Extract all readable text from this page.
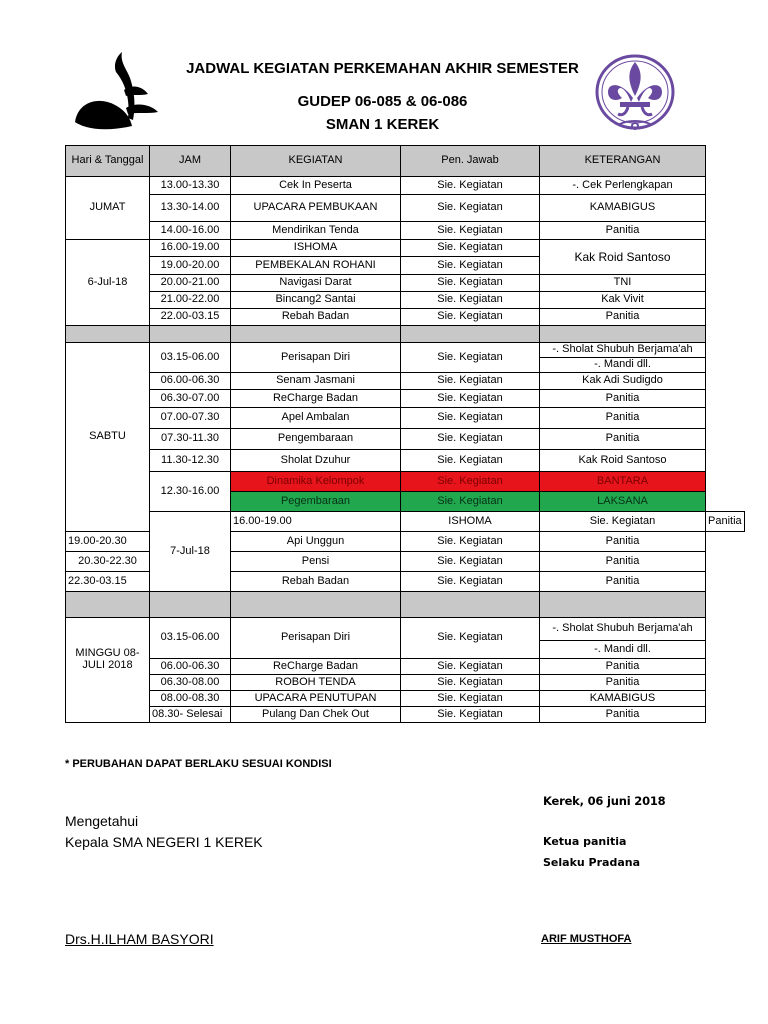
JADWAL KEGIATAN PERKEMAHAN AKHIR SEMESTER
GUDEP 06-085 & 06-086
SMAN 1 KEREK
Hari & Tanggal	JAM	KEGIATAN	Pen. Jawab	KETERANGAN	
JUMAT	13.00-13.30	Cek In Peserta	Sie. Kegiatan	-. Cek Perlengkapan	
	13.30-14.00	UPACARA PEMBUKAAN	Sie. Kegiatan	KAMABIGUS	
	14.00-16.00	Mendirikan Tenda	Sie. Kegiatan	Panitia	
6-Jul-18	16.00-19.00	ISHOMA	Sie. Kegiatan	Kak Roid Santoso	
	19.00-20.00	PEMBEKALAN ROHANI	Sie. Kegiatan		
	20.00-21.00	Navigasi Darat	Sie. Kegiatan	TNI	
	21.00-22.00	Bincang2 Santai	Sie. Kegiatan	Kak Vivit	
	22.00-03.15	Rebah Badan	Sie. Kegiatan	Panitia	

SABTU	03.15-06.00	Perisapan Diri	Sie. Kegiatan	-. Sholat Shubuh Berjama'ah	
				-. Mandi dll.	
	06.00-06.30	Senam Jasmani	Sie. Kegiatan	Kak Adi Sudigdo	
	06.30-07.00	ReCharge Badan	Sie. Kegiatan	Panitia	
	07.00-07.30	Apel Ambalan	Sie. Kegiatan	Panitia	
	07.30-11.30	Pengembaraan	Sie. Kegiatan	Panitia	
	11.30-12.30	Sholat Dzuhur	Sie. Kegiatan	Kak Roid Santoso	
	12.30-16.00	Dinamika Kelompok	Sie. Kegiatan	BANTARA	
		Pegembaraan	Sie. Kegiatan	LAKSANA	
	7-Jul-18	16.00-19.00	ISHOMA	Sie. Kegiatan	Panitia
19.00-20.30		Api Unggun	Sie. Kegiatan	Panitia	
20.30-22.30		Pensi	Sie. Kegiatan	Panitia	
22.30-03.15		Rebah Badan	Sie. Kegiatan	Panitia	

MINGGU 08-JULI 2018	03.15-06.00	Perisapan Diri	Sie. Kegiatan	-. Sholat Shubuh Berjama'ah	
				-. Mandi dll.	
	06.00-06.30	ReCharge Badan	Sie. Kegiatan	Panitia	
	06.30-08.00	ROBOH TENDA	Sie. Kegiatan	Panitia	
	08.00-08.30	UPACARA PENUTUPAN	Sie. Kegiatan	KAMABIGUS	
	08.30- Selesai	Pulang Dan Chek Out	Sie. Kegiatan	Panitia	
* PERUBAHAN DAPAT BERLAKU SESUAI KONDISI
Kerek, 06 juni 2018
Mengetahui
Kepala SMA NEGERI 1 KEREK	Ketua panitia
Selaku Pradana
Drs.H.ILHAM BASYORI	ARIF MUSTHOFA
